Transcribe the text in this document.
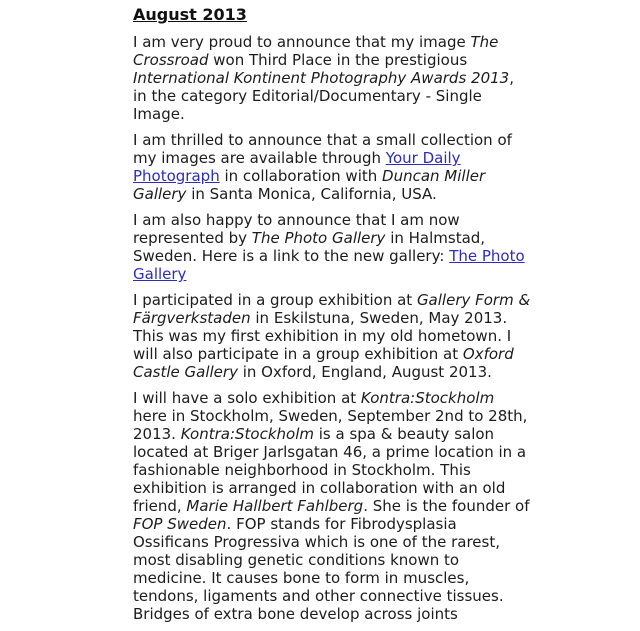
August 2013

I am very proud to announce that my image The Crossroad won Third Place in the prestigious International Kontinent Photography Awards 2013, in the category Editorial/Documentary - Single Image.

I am thrilled to announce that a small collection of my images are available through Your Daily Photograph in collaboration with Duncan Miller Gallery in Santa Monica, California, USA.

I am also happy to announce that I am now represented by The Photo Gallery in Halmstad, Sweden. Here is a link to the new gallery: The Photo Gallery

I participated in a group exhibition at Gallery Form & Färgverkstaden in Eskilstuna, Sweden, May 2013. This was my first exhibition in my old hometown. I will also participate in a group exhibition at Oxford Castle Gallery in Oxford, England, August 2013.

I will have a solo exhibition at Kontra:Stockholm here in Stockholm, Sweden, September 2nd to 28th, 2013. Kontra:Stockholm is a spa & beauty salon located at Briger Jarlsgatan 46, a prime location in a fashionable neighborhood in Stockholm. This exhibition is arranged in collaboration with an old friend, Marie Hallbert Fahlberg. She is the founder of FOP Sweden. FOP stands for Fibrodysplasia Ossificans Progressiva which is one of the rarest, most disabling genetic conditions known to medicine. It causes bone to form in muscles, tendons, ligaments and other connective tissues. Bridges of extra bone develop across joints
